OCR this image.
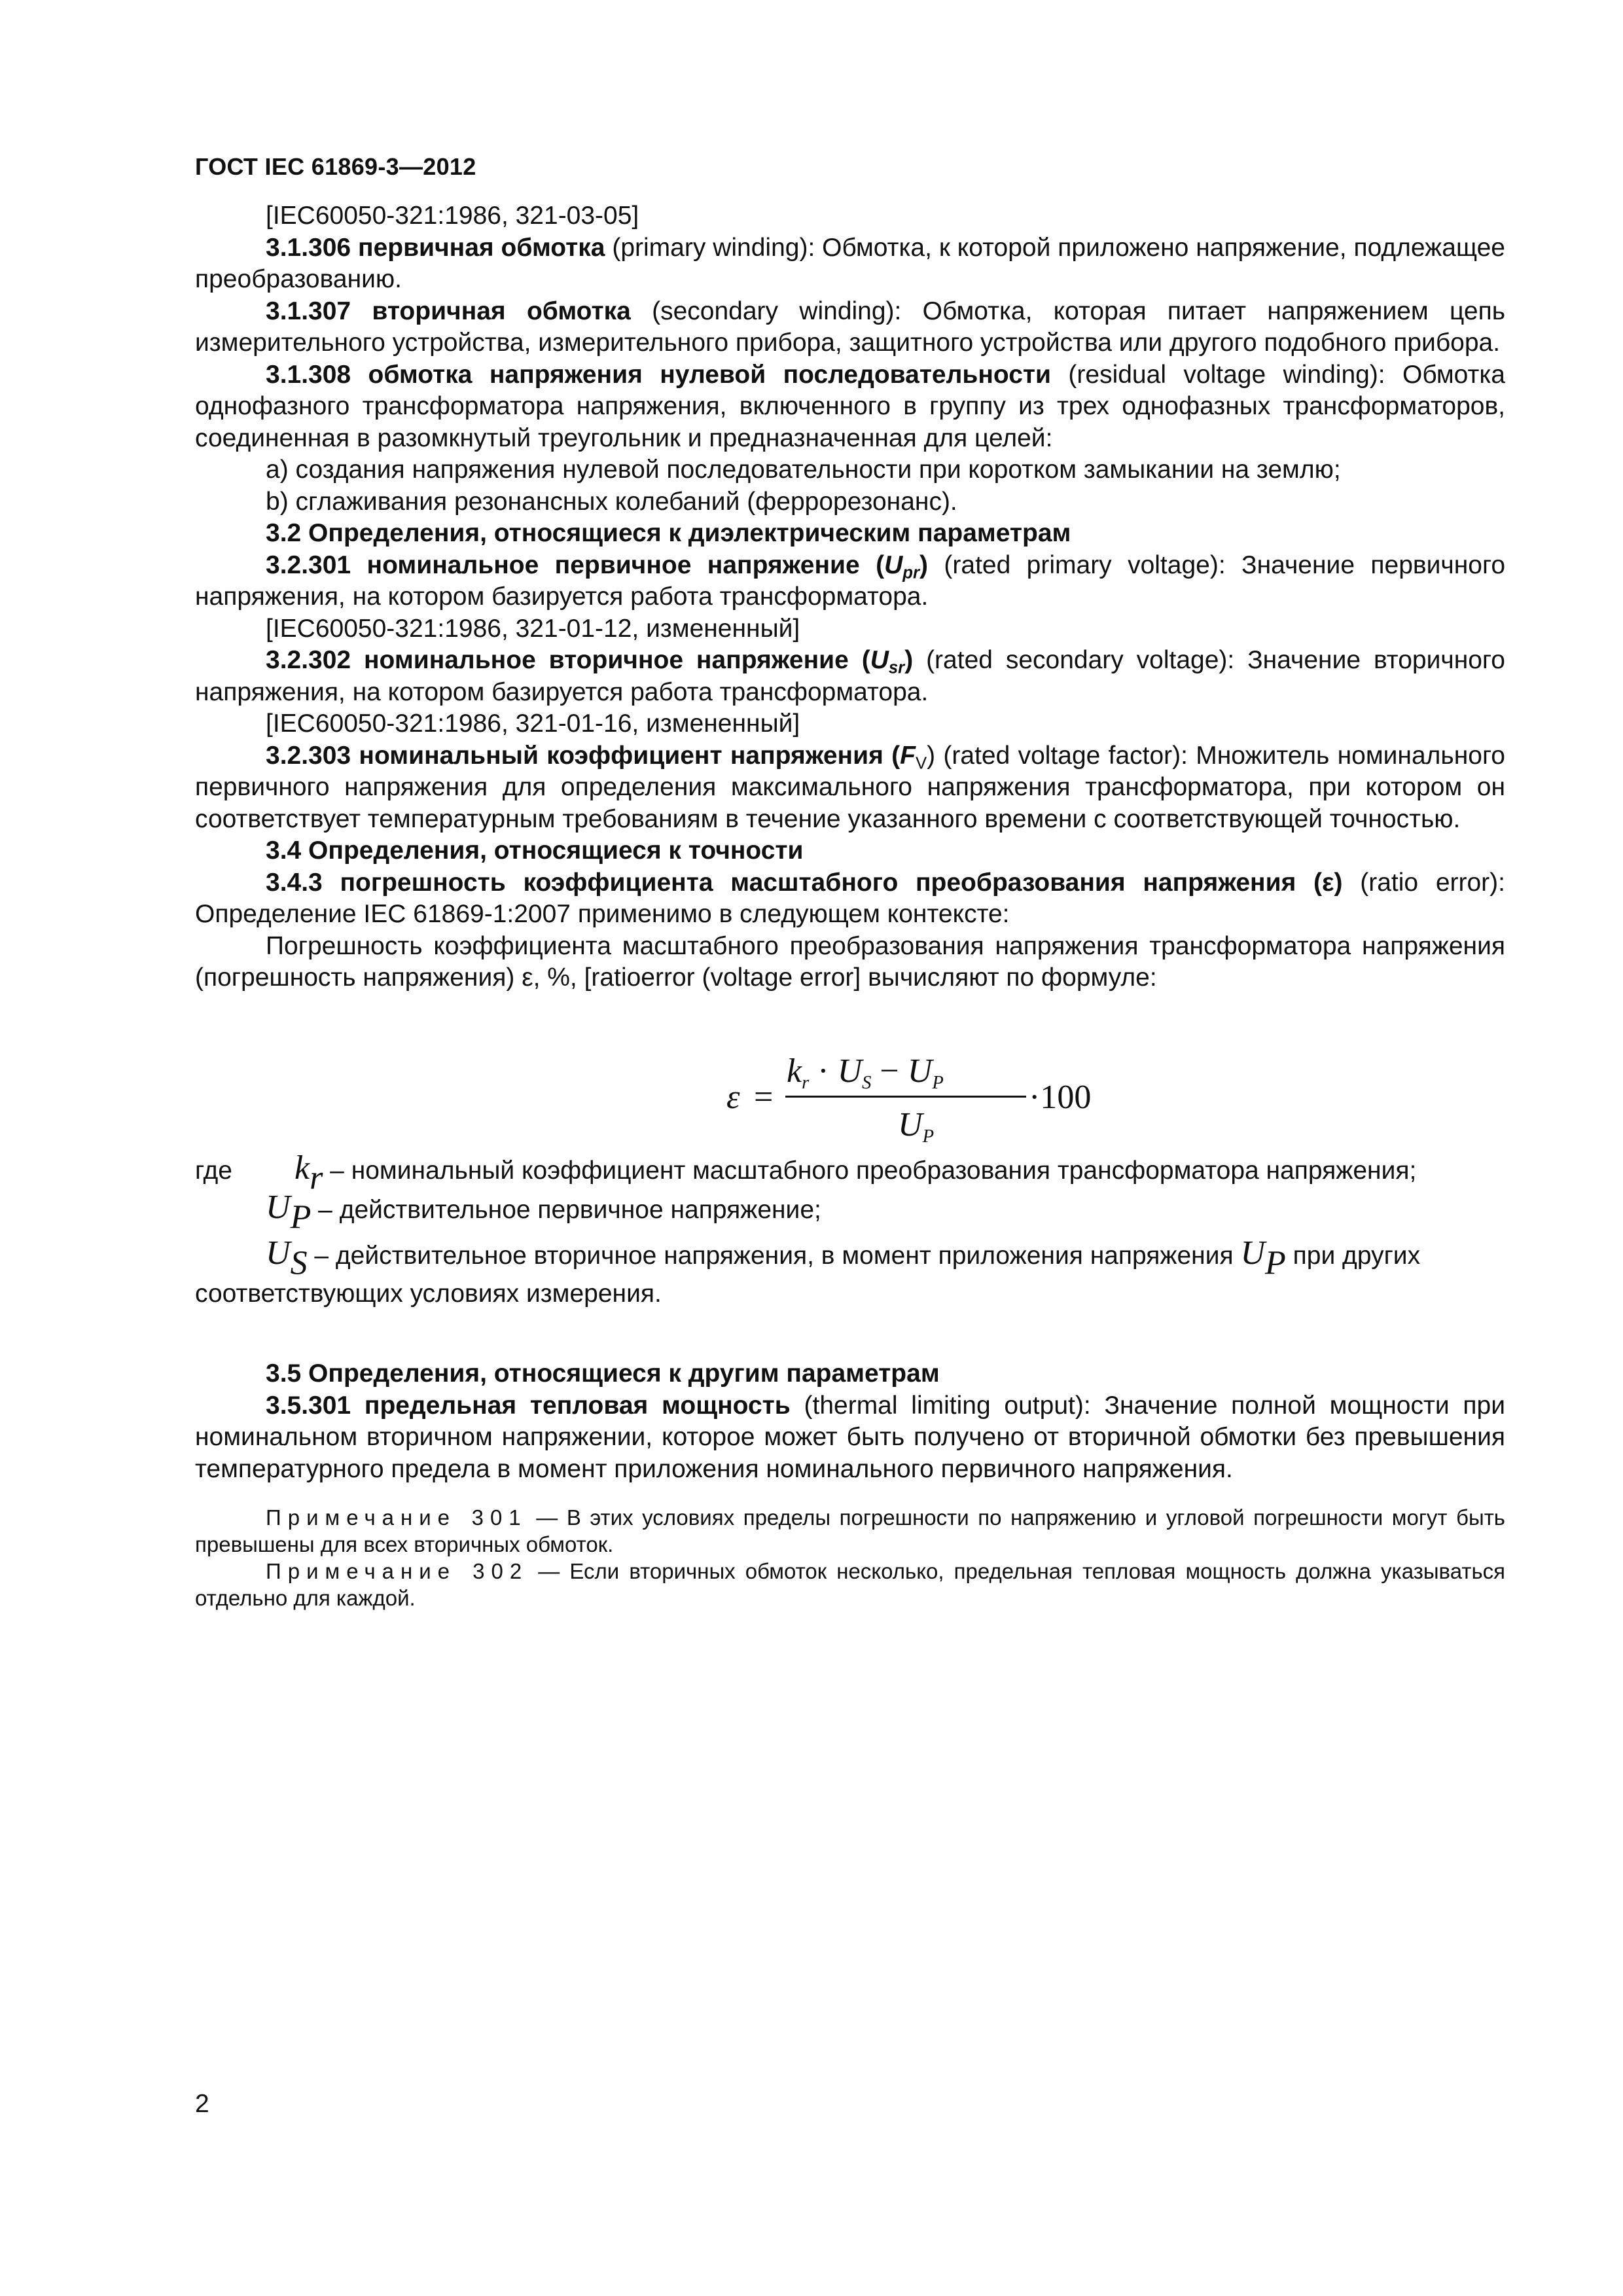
ГОСТ IEC 61869-3—2012

[IEC60050-321:1986, 321-03-05]

3.1.306 первичная обмотка (primary winding): Обмотка, к которой приложено напряжение, подлежащее преобразованию.

3.1.307 вторичная обмотка (secondary winding): Обмотка, которая питает напряжением цепь измерительного устройства, измерительного прибора, защитного устройства или другого подобного прибора.

3.1.308 обмотка напряжения нулевой последовательности (residual voltage winding): Обмотка однофазного трансформатора напряжения, включенного в группу из трех однофазных трансформаторов, соединенная в разомкнутый треугольник и предназначенная для целей:

a) создания напряжения нулевой последовательности при коротком замыкании на землю;

b) сглаживания резонансных колебаний (феррорезонанс).

3.2 Определения, относящиеся к диэлектрическим параметрам

3.2.301 номинальное первичное напряжение $(U_{pr})$ (rated primary voltage): Значение первичного напряжения, на котором базируется работа трансформатора.

[IEC60050-321:1986, 321-01-12, измененный]

3.2.302 номинальное вторичное напряжение $(U_{sr})$ (rated secondary voltage): Значение вторичного напряжения, на котором базируется работа трансформатора.

[IEC60050-321:1986, 321-01-16, измененный]

3.2.303 номинальный коэффициент напряжения $(F_V)$ (rated voltage factor): Множитель номинального первичного напряжения для определения максимального напряжения трансформатора, при котором он соответствует температурным требованиям в течение указанного времени с соответствующей точностью.

3.4 Определения, относящиеся к точности

3.4.3 погрешность коэффициента масштабного преобразования напряжения (ε) (ratio error): Определение IEC 61869-1:2007 применимо в следующем контексте:

Погрешность коэффициента масштабного преобразования напряжения трансформатора напряжения (погрешность напряжения) ε, %, [ratioerror (voltage error] вычисляют по формуле:

ε =
$k_r \cdot U_S - U_P$
$U_P$
·100
где $k_r$ – номинальный коэффициент масштабного преобразования трансформатора напряжения;
$U_P$ – действительное первичное напряжение;
$U_S$ – действительное вторичное напряжения, в момент приложения напряжения $U_P$ при других
соответствующих условиях измерения.

3.5 Определения, относящиеся к другим параметрам

3.5.301 предельная тепловая мощность (thermal limiting output): Значение полной мощности при номинальном вторичном напряжении, которое может быть получено от вторичной обмотки без превышения температурного предела в момент приложения номинального первичного напряжения.

Примечание 301 — В этих условиях пределы погрешности по напряжению и угловой погрешности могут быть превышены для всех вторичных обмоток.

Примечание 302 — Если вторичных обмоток несколько, предельная тепловая мощность должна указываться отдельно для каждой.

2
